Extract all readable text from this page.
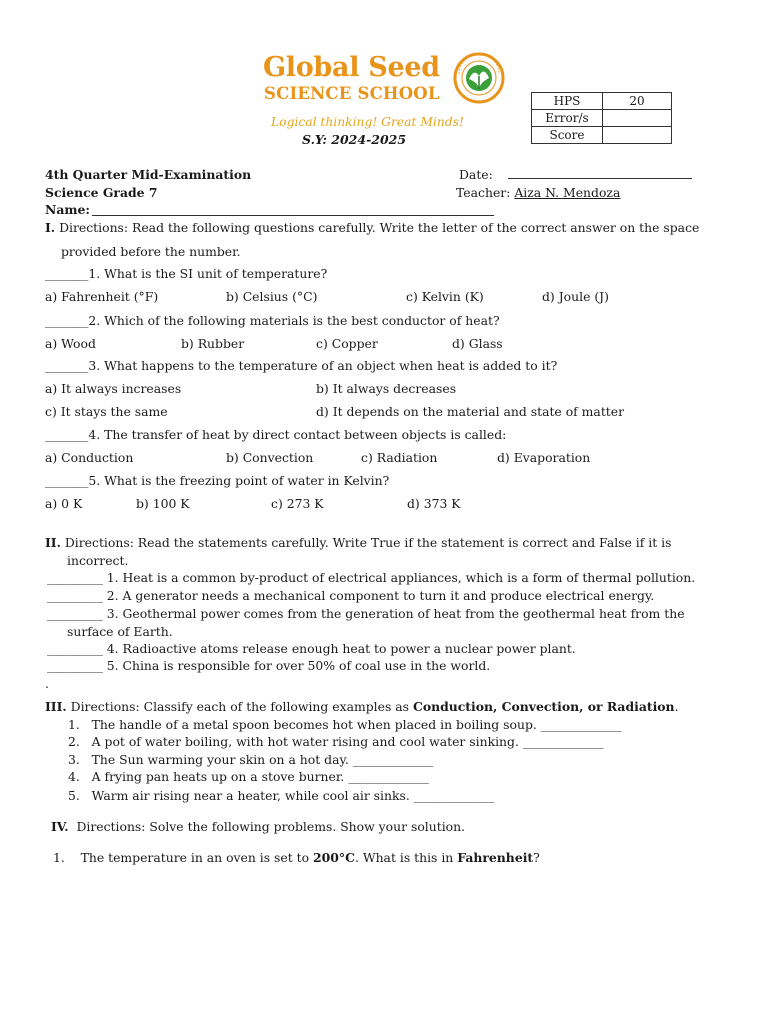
Global Seed
SCIENCE SCHOOL
Logical thinking! Great Minds!
S.Y: 2024-2025
HPS	20
Error/s	
Score	
4th Quarter Mid-Examination
Science Grade 7
Name:
Date:
Teacher: Aiza N. Mendoza
I. Directions: Read the following questions carefully. Write the letter of the correct answer on the space
provided before the number.
_______1. What is the SI unit of temperature?
a) Fahrenheit (°F)	b) Celsius (°C)	c) Kelvin (K)	d) Joule (J)
_______2. Which of the following materials is the best conductor of heat?
a) Wood	b) Rubber	c) Copper	d) Glass
_______3. What happens to the temperature of an object when heat is added to it?
a) It always increases	b) It always decreases
c) It stays the same	d) It depends on the material and state of matter
_______4. The transfer of heat by direct contact between objects is called:
a) Conduction	b) Convection	c) Radiation	d) Evaporation
_______5. What is the freezing point of water in Kelvin?
a) 0 K	b) 100 K	c) 273 K	d) 373 K
II. Directions: Read the statements carefully. Write True if the statement is correct and False if it is
incorrect.
_________ 1. Heat is a common by-product of electrical appliances, which is a form of thermal pollution.
_________ 2. A generator needs a mechanical component to turn it and produce electrical energy.
_________ 3. Geothermal power comes from the generation of heat from the geothermal heat from the
surface of Earth.
_________ 4. Radioactive atoms release enough heat to power a nuclear power plant.
_________ 5. China is responsible for over 50% of coal use in the world.
.
III. Directions: Classify each of the following examples as Conduction, Convection, or Radiation.
1. The handle of a metal spoon becomes hot when placed in boiling soup. _____________
2. A pot of water boiling, with hot water rising and cool water sinking. _____________
3. The Sun warming your skin on a hot day. _____________
4. A frying pan heats up on a stove burner. _____________
5. Warm air rising near a heater, while cool air sinks. _____________
IV. Directions: Solve the following problems. Show your solution.
1. The temperature in an oven is set to 200°C. What is this in Fahrenheit?
